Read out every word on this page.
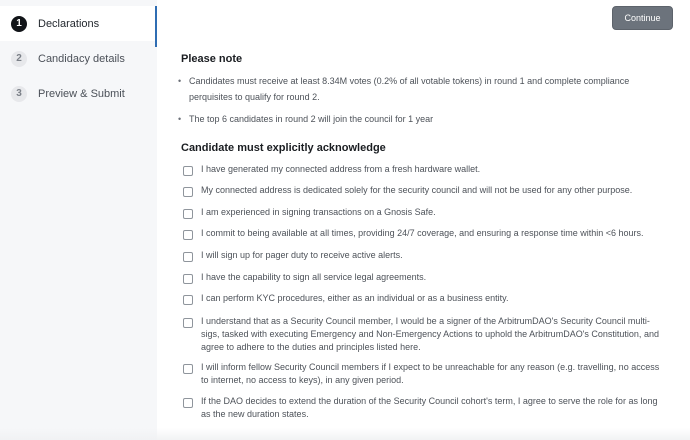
1	Declarations
2	Candidacy details
3	Preview & Submit
Continue
Please note
• Candidates must receive at least 8.34M votes (0.2% of all votable tokens) in round 1 and complete compliance perquisites to qualify for round 2.
• The top 6 candidates in round 2 will join the council for 1 year
Candidate must explicitly acknowledge
I have generated my connected address from a fresh hardware wallet.
My connected address is dedicated solely for the security council and will not be used for any other purpose.
I am experienced in signing transactions on a Gnosis Safe.
I commit to being available at all times, providing 24/7 coverage, and ensuring a response time within <6 hours.
I will sign up for pager duty to receive active alerts.
I have the capability to sign all service legal agreements.
I can perform KYC procedures, either as an individual or as a business entity.
I understand that as a Security Council member, I would be a signer of the ArbitrumDAO's Security Council multi-sigs, tasked with executing Emergency and Non-Emergency Actions to uphold the ArbitrumDAO's Constitution, and agree to adhere to the duties and principles listed here.
I will inform fellow Security Council members if I expect to be unreachable for any reason (e.g. travelling, no access to internet, no access to keys), in any given period.
If the DAO decides to extend the duration of the Security Council cohort's term, I agree to serve the role for as long as the new duration states.
